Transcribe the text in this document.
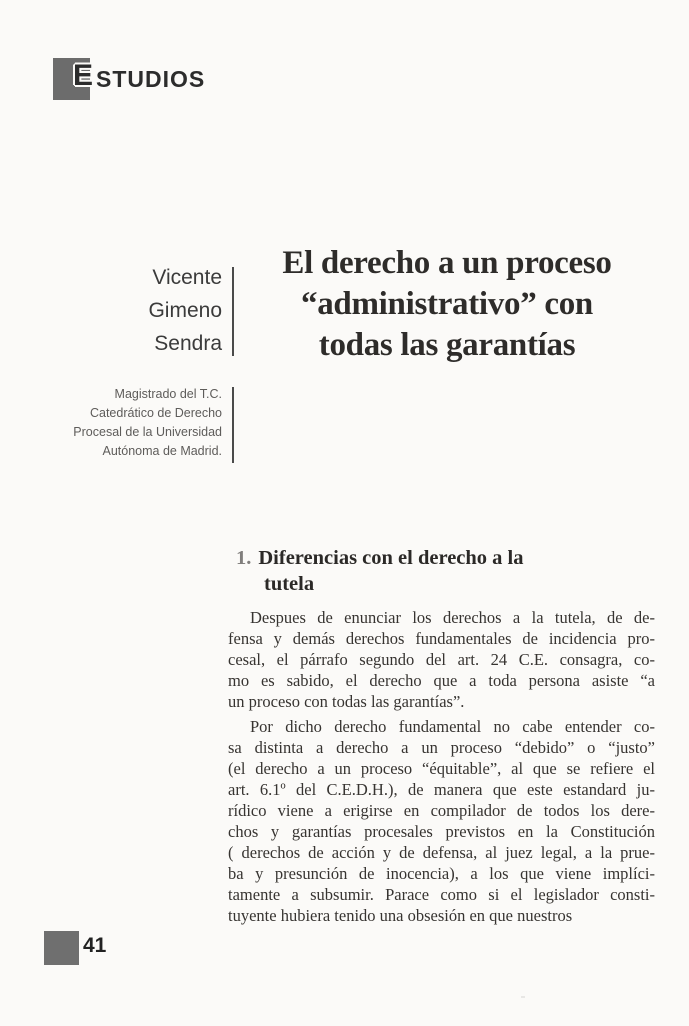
E STUDIOS
Vicente
Gimeno
Sendra
Magistrado del T.C.
Catedrático de Derecho
Procesal de la Universidad
Autónoma de Madrid.
El derecho a un proceso
“administrativo” con
todas las garantías
1. Diferencias con el derecho a la
tutela
Despues de enunciar los derechos a la tutela, de de-
fensa y demás derechos fundamentales de incidencia pro-
cesal, el párrafo segundo del art. 24 C.E. consagra, co-
mo es sabido, el derecho que a toda persona asiste “a
un proceso con todas las garantías”.
Por dicho derecho fundamental no cabe entender co-
sa distinta a derecho a un proceso “debido” o “justo”
(el derecho a un proceso “équitable”, al que se refiere el
art. 6.1º del C.E.D.H.), de manera que este estandard ju-
rídico viene a erigirse en compilador de todos los dere-
chos y garantías procesales previstos en la Constitución
( derechos de acción y de defensa, al juez legal, a la prue-
ba y presunción de inocencia), a los que viene implíci-
tamente a subsumir. Parace como si el legislador consti-
tuyente hubiera tenido una obsesión en que nuestros
41
